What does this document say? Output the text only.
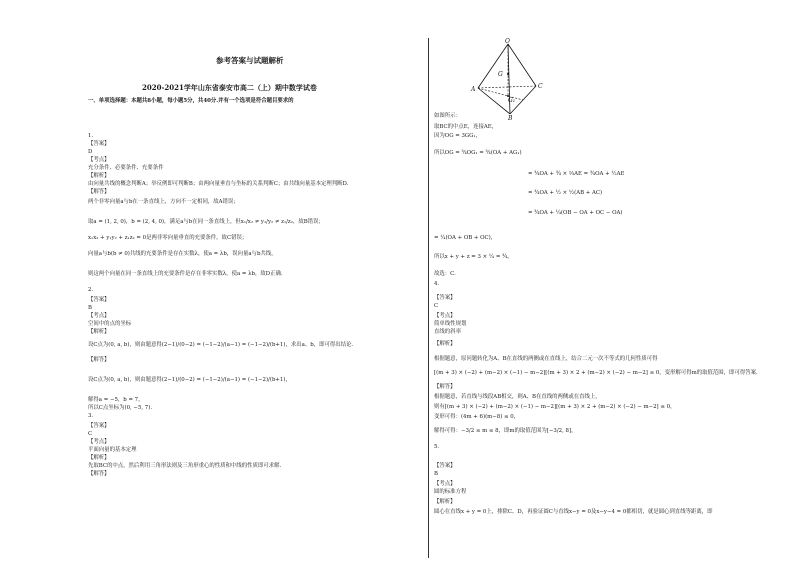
参考答案与试题解析
2020-2021学年山东省泰安市高二（上）期中数学试卷
一、单项选择题：本题共8小题，每小题5分，共40分.并有一个选项是符合题目要求的
1.
【答案】
D
【考点】
充分条件、必要条件、充要条件
【解析】
由向量共线的概念判断A；举反例即可判断B；由两向量垂直与坐标的关系判断C；由共线向量基本定理判断D.
【解答】
两个非零向量a与b在一条直线上，方向不一定相同，故A错误；
取a = (1, 2, 0)，b = (2, 4, 0)，满足a与b在同一条直线上，但x₁/x₂ ≠ y₁/y₂ ≠ z₁/z₂，故B错误；
x₁x₂ + y₁y₂ + z₁z₂ = 0是两非零向量垂直的充要条件，故C错误；
向量a与b(b ≠ 0)共线的充要条件是存在实数λ，使a = λb，误向量a与b共线，
则这两个向量在同一条直线上的充要条件是存在非零实数λ，使a = λb，故D正确.
2.
【答案】
B
【考点】
空间中的点的坐标
【解析】
设C点为(0, a, b)，则由题意得(2−1)/(0−2) = (−1−2)/(a−1) = (−1−2)/(b+1)，求出a、b，即可得出结论.
【解答】
设C点为(0, a, b)，则由题意得(2−1)/(0−2) = (−1−2)/(a−1) = (−1−2)/(b+1)，
解得a = −5，b = 7，
所以C点坐标为(0, −5, 7).
3.
【答案】
C
【考点】
平面向量的基本定理
【解析】
先取BC的中点，然后利用三角形法则及三角形重心的性质和中线的性质即可求解.
【解答】
O
G
A
G₁
C
B
如图所示：
取BC的中点E，连接AE，
因为OG = 3GG₁，
所以OG = ¾OG₁ = ¾(OA + AG₁)
= ¾OA + ¾ × ⅔AE = ¾OA + ½AE
= ¾OA + ½ × ½(AB + AC)
= ¾OA + ¼(OB − OA + OC − OA)
= ¼(OA + OB + OC)，
所以x + y + z = 3 × ¼ = ¾，
故选：C.
4.
【答案】
C
【考点】
简单线性规划
直线的斜率
【解析】
根据题意，原问题转化为A、B在直线的两侧或在直线上，结合二元一次不等式的几何性质可得
[(m + 3) × (−2) + (m−2) × (−1) − m−2][(m + 3) × 2 + (m−2) × (−2) − m−2] ≤ 0，变形解可得m的取值范围，即可得答案.
【解答】
根据题意，若直线与线段AB相交，则A、B在直线的两侧或在直线上，
则有[(m + 3) × (−2) + (m−2) × (−1) − m−2][(m + 3) × 2 + (m−2) × (−2) − m−2] ≤ 0，
变形可得：(4m + 6)(m−8) ≤ 0，
解得可得：−3/2 ≤ m ≤ 8，即m的取值范围为[−3/2, 8]，
5.
【答案】
B
【考点】
圆的标准方程
【解析】
圆心在直线x + y = 0上，排除C、D，再验证圆C与直线x−y = 0及x−y−4 = 0都相切，就是圆心到直线等距离，即
